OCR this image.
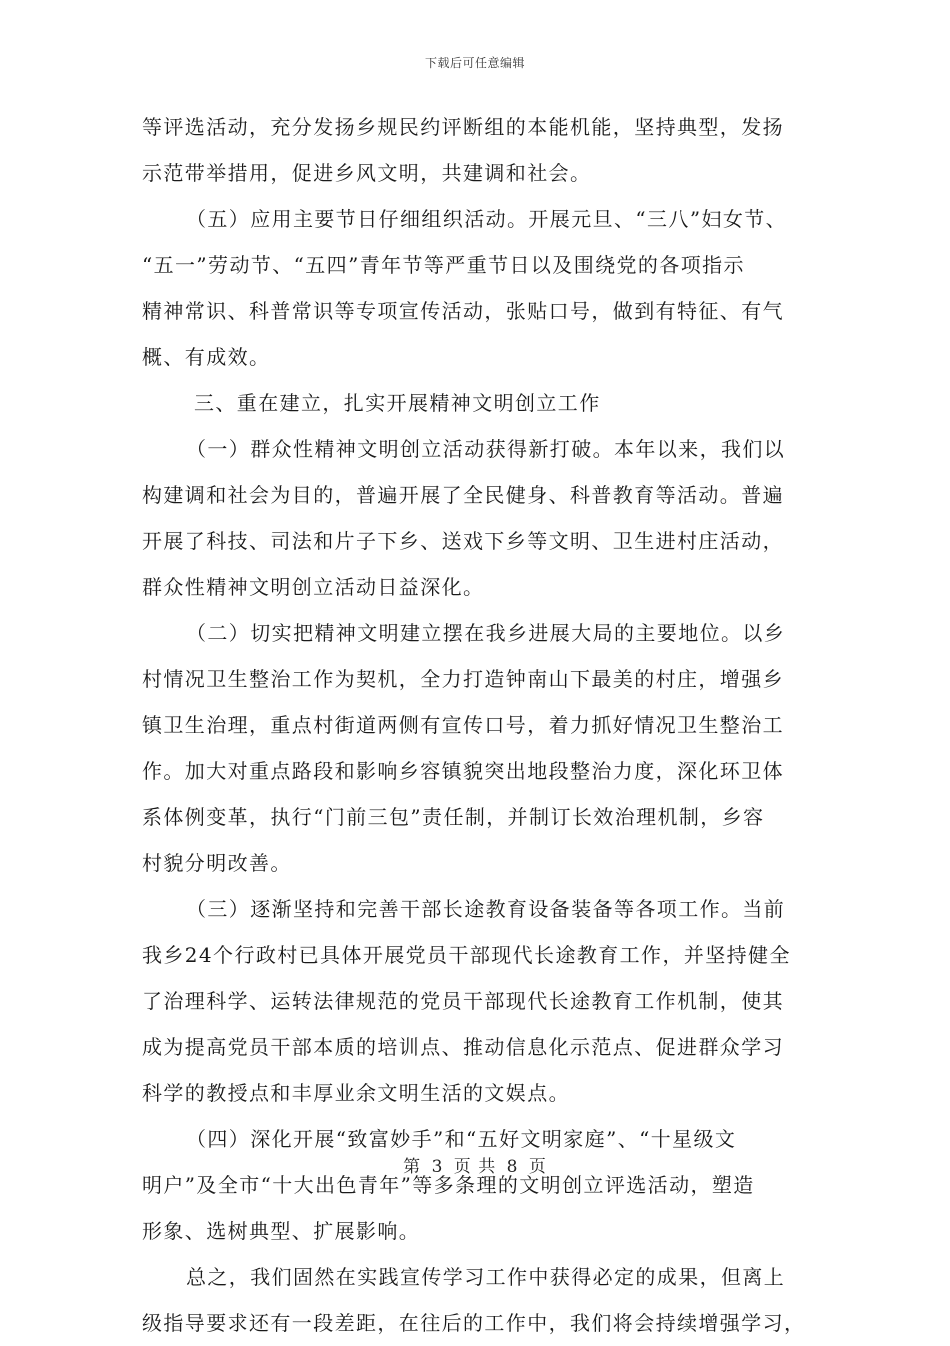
下载后可任意编辑
等评选活动，充分发扬乡规民约评断组的本能机能，坚持典型，发扬
示范带举措用，促进乡风文明，共建调和社会。
（五）应用主要节日仔细组织活动。开展元旦、“三八”妇女节、
“五一”劳动节、“五四”青年节等严重节日以及围绕党的各项指示
精神常识、科普常识等专项宣传活动，张贴口号，做到有特征、有气
概、有成效。
三、重在建立，扎实开展精神文明创立工作
（一）群众性精神文明创立活动获得新打破。本年以来，我们以
构建调和社会为目的，普遍开展了全民健身、科普教育等活动。普遍
开展了科技、司法和片子下乡、送戏下乡等文明、卫生进村庄活动，
群众性精神文明创立活动日益深化。
（二）切实把精神文明建立摆在我乡进展大局的主要地位。以乡
村情况卫生整治工作为契机，全力打造钟南山下最美的村庄，增强乡
镇卫生治理，重点村街道两侧有宣传口号，着力抓好情况卫生整治工
作。加大对重点路段和影响乡容镇貌突出地段整治力度，深化环卫体
系体例变革，执行“门前三包”责任制，并制订长效治理机制，乡容
村貌分明改善。
（三）逐渐坚持和完善干部长途教育设备装备等各项工作。当前
我乡24个行政村已具体开展党员干部现代长途教育工作，并坚持健全
了治理科学、运转法律规范的党员干部现代长途教育工作机制，使其
成为提高党员干部本质的培训点、推动信息化示范点、促进群众学习
科学的教授点和丰厚业余文明生活的文娱点。
（四）深化开展“致富妙手”和“五好文明家庭”、“十星级文
明户”及全市“十大出色青年”等多条理的文明创立评选活动，塑造
形象、选树典型、扩展影响。
总之，我们固然在实践宣传学习工作中获得必定的成果，但离上
级指导要求还有一段差距，在往后的工作中，我们将会持续增强学习，
第 3 页 共 8 页
